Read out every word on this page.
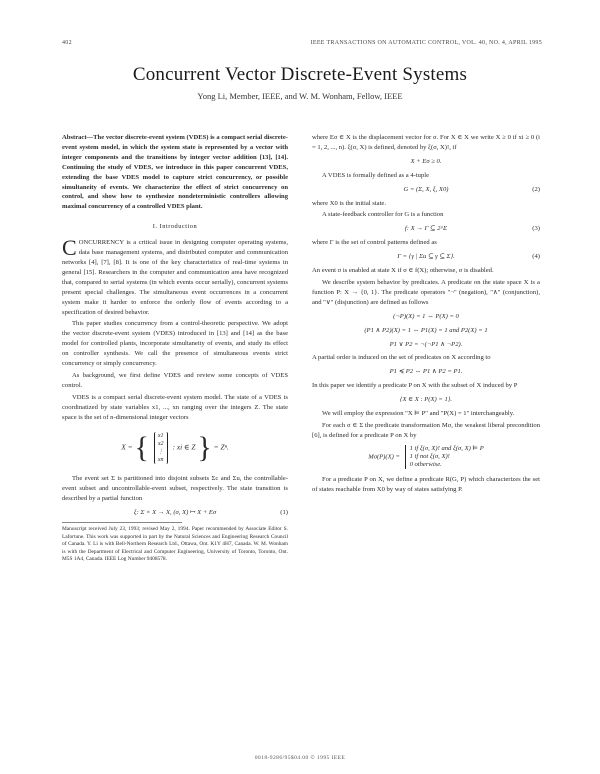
402	IEEE TRANSACTIONS ON AUTOMATIC CONTROL, VOL. 40, NO. 4, APRIL 1995
Concurrent Vector Discrete-Event Systems
Yong Li, Member, IEEE, and W. M. Wonham, Fellow, IEEE

Abstract—The vector discrete-event system (VDES) is a compact serial discrete-event system model, in which the system state is represented by a vector with integer components and the transitions by integer vector addition [13], [14]. Continuing the study of VDES, we introduce in this paper concurrent VDES, extending the base VDES model to capture strict concurrency, or possible simultaneity of events. We characterize the effect of strict concurrency on control, and show how to synthesize nondeterministic controllers allowing maximal concurrency of a controlled VDES plant.

I. Introduction

CONCURRENCY is a critical issue in designing computer operating systems, data base management systems, and distributed computer and communication networks [4], [7], [8]. It is one of the key characteristics of real-time systems in general [15]. Researchers in the computer and communication area have recognized that, compared to serial systems (in which events occur serially), concurrent systems present special challenges. The simultaneous event occurrences in a concurrent system make it harder to enforce the orderly flow of events according to a specification of desired behavior.

This paper studies concurrency from a control-theoretic perspective. We adopt the vector discrete-event system (VDES) introduced in [13] and [14] as the base model for controlled plants, incorporate simultaneity of events, and study its effect on controller synthesis. We call the presence of simultaneous events strict concurrency or simply concurrency.

As background, we first define VDES and review some concepts of VDES control.

VDES is a compact serial discrete-event system model. The state of a VDES is coordinatized by state variables x1, ..., xn ranging over the integers Z. The state space is the set of n-dimensional integer vectors

X = { x1
x2
⋮
xn : xi ∈ Z } = Zⁿ.

The event set Σ is partitioned into disjoint subsets Σc and Σu, the controllable-event subset and uncontrollable-event subset, respectively. The state transition is described by a partial function

ξ: Σ × X → X, (σ, X) ↦ X + Eσ	(1)
Manuscript received July 23, 1993; revised May 2, 1994. Paper recommended by Associate Editor S. Lafortune. This work was supported in part by the Natural Sciences and Engineering Research Council of Canada. Y. Li is with Bell-Northern Research Ltd., Ottawa, Ont. K1Y 4H7, Canada. W. M. Wonham is with the Department of Electrical and Computer Engineering, University of Toronto, Toronto, Ont. M5S 1A4, Canada. IEEE Log Number 9408578.

where Eσ ∈ X is the displacement vector for σ. For X ∈ X we write X ≥ 0 if xi ≥ 0 (i = 1, 2, ..., n). ξ(σ, X) is defined, denoted by ξ(σ, X)!, if

X + Eσ ≥ 0.

A VDES is formally defined as a 4-tuple

G = (Σ, X, ξ, X0)	(2)

where X0 is the initial state.

A state-feedback controller for G is a function

f: X → Γ ⊆ 2^Σ	(3)

where Γ is the set of control patterns defined as

Γ = {γ | Σu ⊆ γ ⊆ Σ}.	(4)

An event σ is enabled at state X if σ ∈ f(X); otherwise, σ is disabled.

We describe system behavior by predicates. A predicate on the state space X is a function P: X → {0, 1}. The predicate operators "¬" (negation), "∧" (conjunction), and "∨" (disjunction) are defined as follows

(¬P)(X) = 1 ⇔ P(X) = 0
(P1 ∧ P2)(X) = 1 ⇔ P1(X) = 1 and P2(X) = 1
P1 ∨ P2 = ¬(¬P1 ∧ ¬P2).

A partial order is induced on the set of predicates on X according to

P1 ≼ P2 ⇔ P1 ∧ P2 = P1.

In this paper we identify a predicate P on X with the subset of X induced by P

{X ∈ X : P(X) = 1}.

We will employ the expression "X ⊨ P" and "P(X) = 1" interchangeably.

For each σ ∈ Σ the predicate transformation Mσ, the weakest liberal precondition [6], is defined for a predicate P on X by

Mσ(P)(X) = 1 if ξ(σ, X)! and ξ(σ, X) ⊨ P
1 if not ξ(σ, X)!
0 otherwise.

For a predicate P on X, we define a predicate R(G, P) which characterizes the set of states reachable from X0 by way of states satisfying P.

0018-9286/95$04.00 © 1995 IEEE
